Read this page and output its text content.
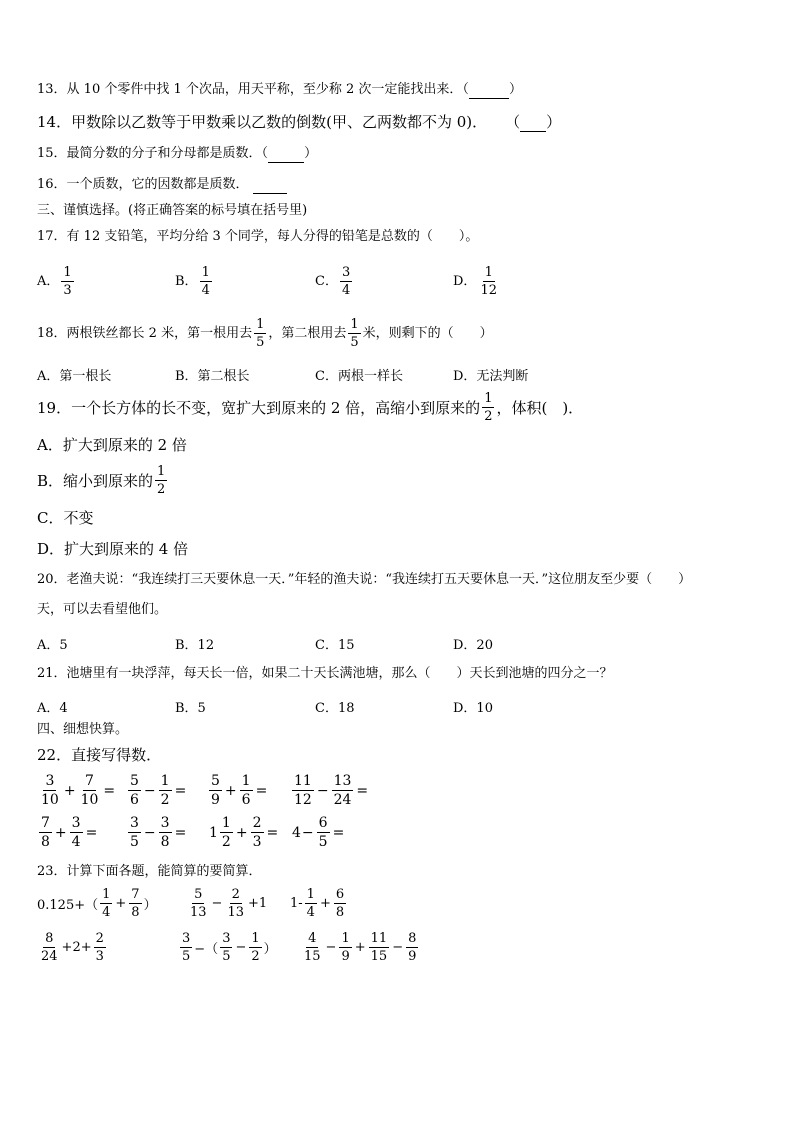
13．从 10 个零件中找 1 个次品，用天平称，至少称 2 次一定能找出来．（	）
14．甲数除以乙数等于甲数乘以乙数的倒数(甲、乙两数都不为 0)． （ ）
15．最简分数的分子和分母都是质数．（	）
16．一个质数，它的因数都是质数．
三、谨慎选择。(将正确答案的标号填在括号里)
17．有 12 支铅笔，平均分给 3 个同学，每人分得的铅笔是总数的（　　）。
A． $\frac{1}{3}$	B． $\frac{1}{4}$	C． $\frac{3}{4}$	D． $\frac{1}{12}$
18． 两根铁丝都长 2 米，第一根用去 $\frac{1}{5}$ ，第二根用去 $\frac{1}{5}$ 米，则剩下的（　　）
A．第一根长	B．第二根长	C．两根一样长	D．无法判断
19． 一个长方体的长不变，宽扩大到原来的 2 倍，高缩小到原来的 $\frac{1}{2}$ ，体积(　)．
A．扩大到原来的 2 倍
B．缩小到原来的 $\frac{1}{2}$
C．不变
D．扩大到原来的 4 倍
20．老渔夫说：“我连续打三天要休息一天．”年轻的渔夫说：“我连续打五天要休息一天．”这位朋友至少要（　　）
天，可以去看望他们。
A．5	B．12	C．15	D．20
21．池塘里有一块浮萍，每天长一倍，如果二十天长满池塘，那么（　　）天长到池塘的四分之一？
A．4	B．5	C．18	D．10
四、细想快算。
22．直接写得数．
$\frac{3}{10} + \frac{7}{10} = \frac{5}{6} - \frac{1}{2} = \frac{5}{9} + \frac{1}{6} = \frac{11}{12} - \frac{13}{24}$ =
$\frac{7}{8} + \frac{3}{4} = \frac{3}{5} - \frac{3}{8} = 1 \frac{1}{2} + \frac{2}{3} = 4 - \frac{6}{5}$ =
23．计算下面各题，能简算的要简算．
$0.125+( \frac{1}{4} + \frac{7}{8}$ ） $\frac{5}{13} - \frac{2}{13} +1$ $1- \frac{1}{4} + \frac{6}{8}$
$\frac{8}{24} +2+ \frac{2}{3}$	$\frac{3}{5}$ −（ $\frac{3}{5} - \frac{1}{2}$ ） $\frac{4}{15} - \frac{1}{9} + \frac{11}{15} - \frac{8}{9}$
